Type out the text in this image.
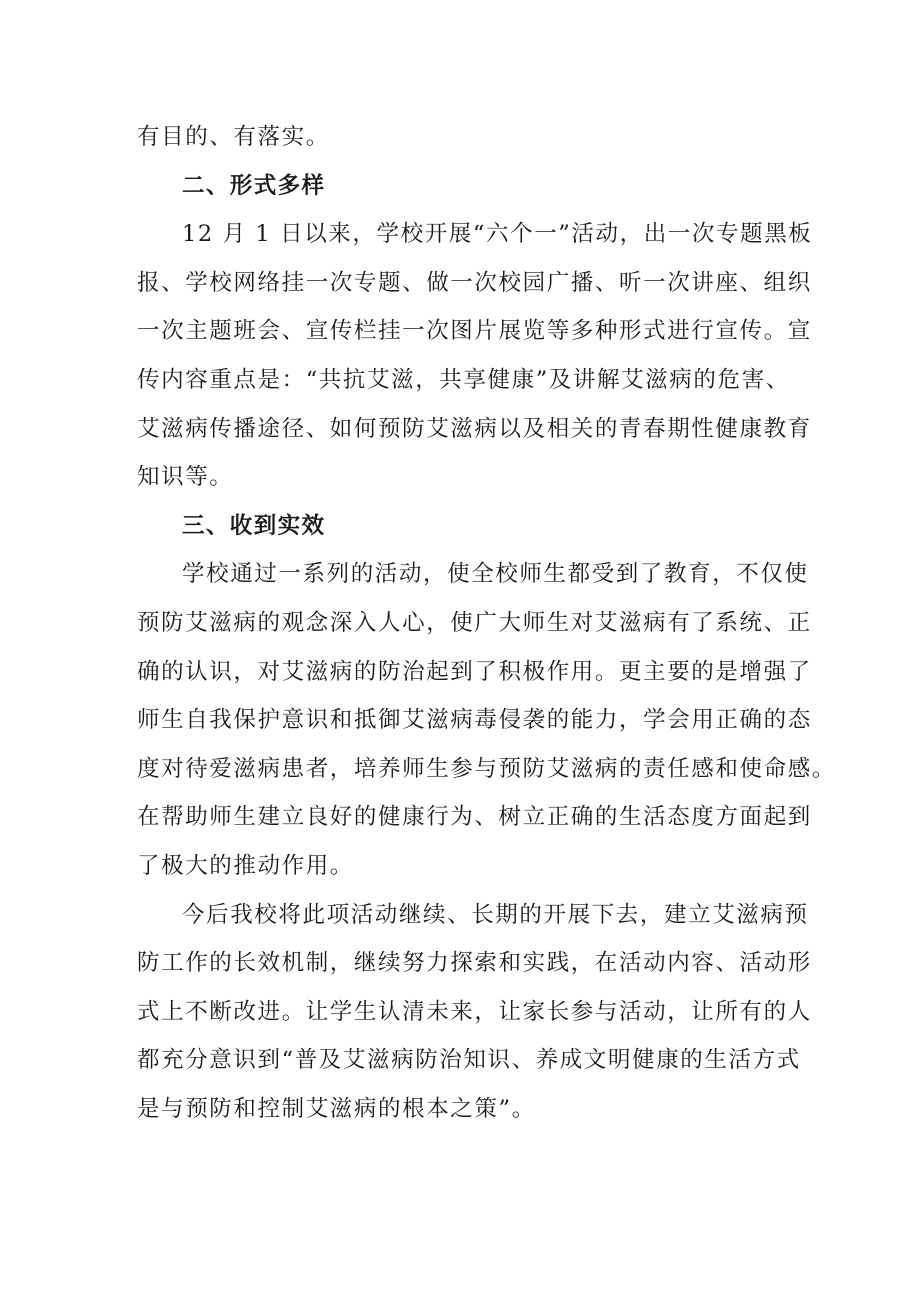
有目的、有落实。

二、形式多样

12 月 1 日以来，学校开展“六个一”活动，出一次专题黑板
报、学校网络挂一次专题、做一次校园广播、听一次讲座、组织
一次主题班会、宣传栏挂一次图片展览等多种形式进行宣传。宣
传内容重点是：“共抗艾滋，共享健康”及讲解艾滋病的危害、
艾滋病传播途径、如何预防艾滋病以及相关的青春期性健康教育
知识等。

三、收到实效

学校通过一系列的活动，使全校师生都受到了教育，不仅使
预防艾滋病的观念深入人心，使广大师生对艾滋病有了系统、正
确的认识，对艾滋病的防治起到了积极作用。更主要的是增强了
师生自我保护意识和抵御艾滋病毒侵袭的能力，学会用正确的态
度对待爱滋病患者，培养师生参与预防艾滋病的责任感和使命感。
在帮助师生建立良好的健康行为、树立正确的生活态度方面起到
了极大的推动作用。

今后我校将此项活动继续、长期的开展下去，建立艾滋病预
防工作的长效机制，继续努力探索和实践，在活动内容、活动形
式上不断改进。让学生认清未来，让家长参与活动，让所有的人
都充分意识到“普及艾滋病防治知识、养成文明健康的生活方式
是与预防和控制艾滋病的根本之策”。
